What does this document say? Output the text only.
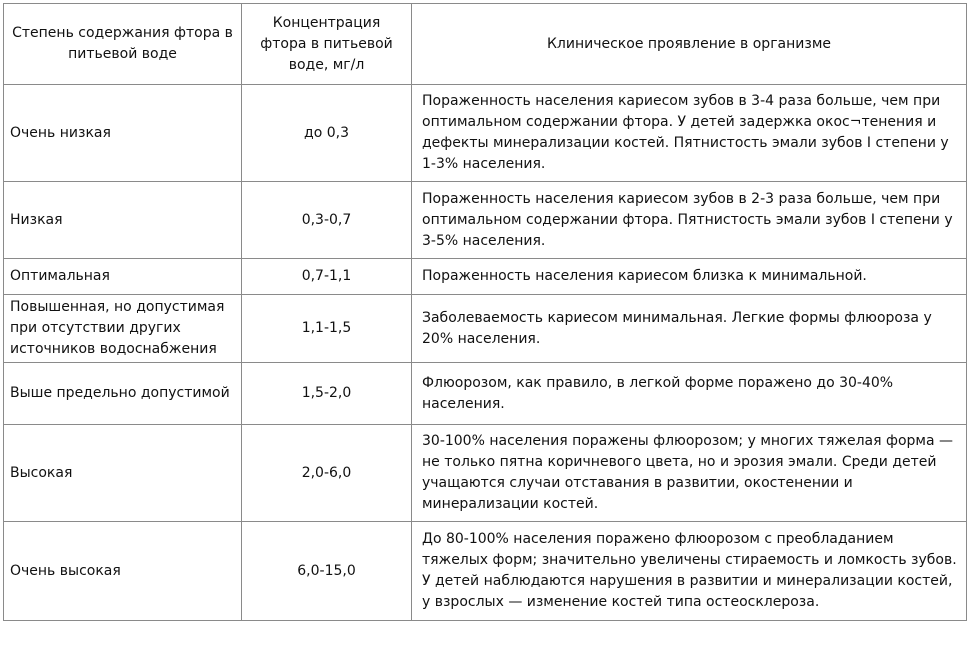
Степень содержания фтора в питьевой воде	Концентрация фтора в питьевой воде, мг/л	Клиническое проявление в организме
Очень низкая	до 0,3	Пораженность населения кариесом зубов в 3-4 раза больше, чем при оптимальном содержании фтора. У детей задержка окос¬тенения и дефекты минерализации костей. Пятнистость эмали зубов I степени у 1-3% населения.
Низкая	0,3-0,7	Пораженность населения кариесом зубов в 2-3 раза больше, чем при оптимальном содержании фтора. Пятнистость эмали зубов I степени у 3-5% населения.
Оптимальная	0,7-1,1	Пораженность населения кариесом близка к минимальной.
Повышенная, но допустимая при отсутствии других источников водоснабжения	1,1-1,5	Заболеваемость кариесом минимальная. Легкие формы флюороза у 20% населения.
Выше предельно допустимой	1,5-2,0	Флюорозом, как правило, в легкой форме поражено до 30-40% населения.
Высокая	2,0-6,0	30-100% населения поражены флюорозом; у многих тяжелая форма — не только пятна коричневого цвета, но и эрозия эмали. Среди детей учащаются случаи отставания в развитии, окостенении и минерализации костей.
Очень высокая	6,0-15,0	До 80-100% населения поражено флюорозом с преобладанием тяжелых форм; значительно увеличены стираемость и ломкость зубов. У детей наблюдаются нарушения в развитии и минерализации костей, у взрослых — изменение костей типа остеосклероза.
